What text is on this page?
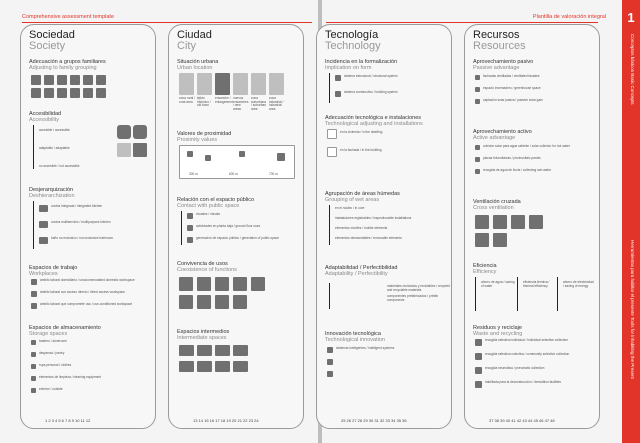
Comprehensive assessment template
Sociedad
Society
Adecuación a grupos familiares
Adjusting to family grouping
Accesibilidad
Accessibility
accesible / accessible
adaptable / adaptable
no accesible / not accessible
Desjerarquización
Deshierarchization
cocina integrada / integrated kitchen
cocina multiservicio / multipurpose kitchen
baño no exclusivo / non-exclusive bathroom
Espacios de trabajo
Workplaces
ámbito laboral domiciliario / unaccommodated domestic workspace
ámbito laboral con acceso directo / direct access workspace
ámbito laboral que compromete uso / use-conditioned workspace
Espacios de almacenamiento
Storage spaces
trastero / storeroom
despensa / pantry
ropa personal / clothes
elementos de limpieza / cleaning equipment
exterior / outside
1 2 3 4 5 6 7 8 9 10 11 12
Ciudad
City
Situación urbana
Urban location
zona rural / rural area
tejido histórico / old town
ensanche / enlargement
nuevos ensanches / new areas
zona suburbana / suburban area
zona industrial / industrial area
Valores de proximidad
Proximity values
300 m	600 m	700 m
Relación con el espacio público
Contact with public space
visuales / visuals
actividades en planta baja / ground floor uses
generación de espacio público / generation of public space
Convivencia de usos
Coexistence of functions
Espacios intermedios
Intermediate spaces
13 14 15 16 17 18 19 20 21 22 23 24
Plantilla de valoración integral 1
Conceptos básicos Basic Concepts
Herramientas para habitar el presente Tools for inhabiting the Present
Tecnología
Technology
Incidencia en la formalización
Implication on form
sistema estructural / structural system
sistema constructivo / building system
Adecuación tecnológica e instalaciones
Technological adjusting and installations
en la vivienda / in the dwelling
en la fachada / in the building
Agrupación de áreas húmedas
Grouping of wet areas
en el núcleo / in core
instalaciones registrables / inspectionable installations
elementos móviles / mobile elements
elementos desmontables / removable elements
Adaptabilidad / Perfectibilidad
Adaptability / Perfectibility
materiales reciclados y reciclables / recycled and recyclable materials
componentes prefabricados / prefab components
Innovación tecnológica
Technological innovation
sistemas inteligentes / intelligent systems
25 26 27 28 29 30 31 32 33 34 35 36
Recursos
Resources
Aprovechamiento pasivo
Passive advantage
fachadas ventiladas / ventilated facades
espacio invernadero / greenhouse space
captación solar pasiva / passive solar gain
Aprovechamiento activo
Active advantage
colector solar para agua caliente / solar collector for hot water
placas fotovoltaicas / photovoltaic panels
recogida de agua de lluvia / collecting rain water
Ventilación cruzada
Cross ventilation
Eficiencia
Efficiency
ahorro de agua / saving of water
eficiencia térmica / thermal efficiency
ahorro de electricidad / saving of energy
Residuos y reciclaje
Waste and recycling
recogida selectiva individual / individual selective collection
recogida selectiva colectiva / community selective collection
recogida neumática / pneumatic collection
habilitada para la deconstrucción / demolition facilities
37 38 39 40 41 42 43 44 45 46 47 48
